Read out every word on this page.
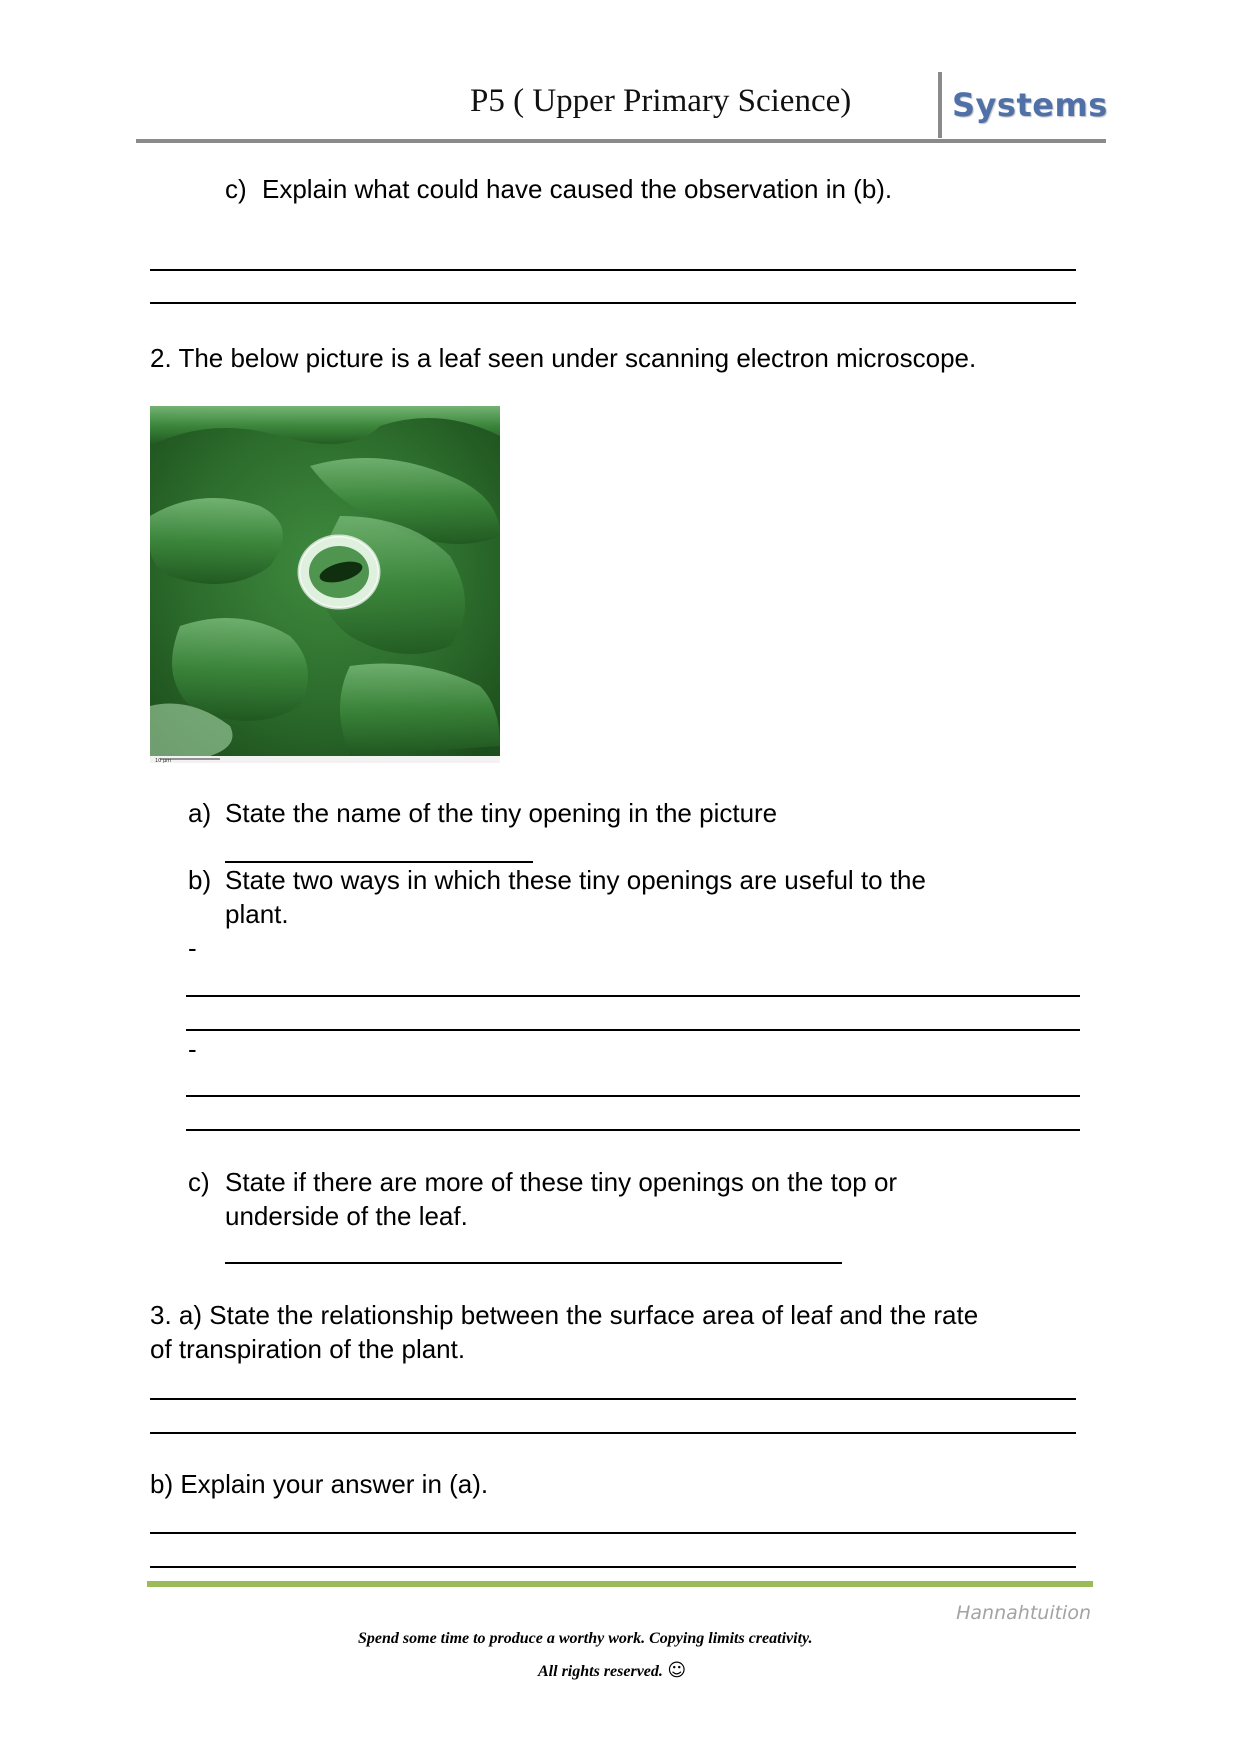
P5 ( Upper Primary Science)	Systems
c) Explain what could have caused the observation in (b).
2. The below picture is a leaf seen under scanning electron microscope.
10 μm
a) State the name of the tiny opening in the picture
b) State two ways in which these tiny openings are useful to the
plant.
-
-
c) State if there are more of these tiny openings on the top or
underside of the leaf.
3. a) State the relationship between the surface area of leaf and the rate
of transpiration of the plant.
b) Explain your answer in (a).
Hannahtuition
Spend some time to produce a worthy work. Copying limits creativity.
All rights reserved. ☺
